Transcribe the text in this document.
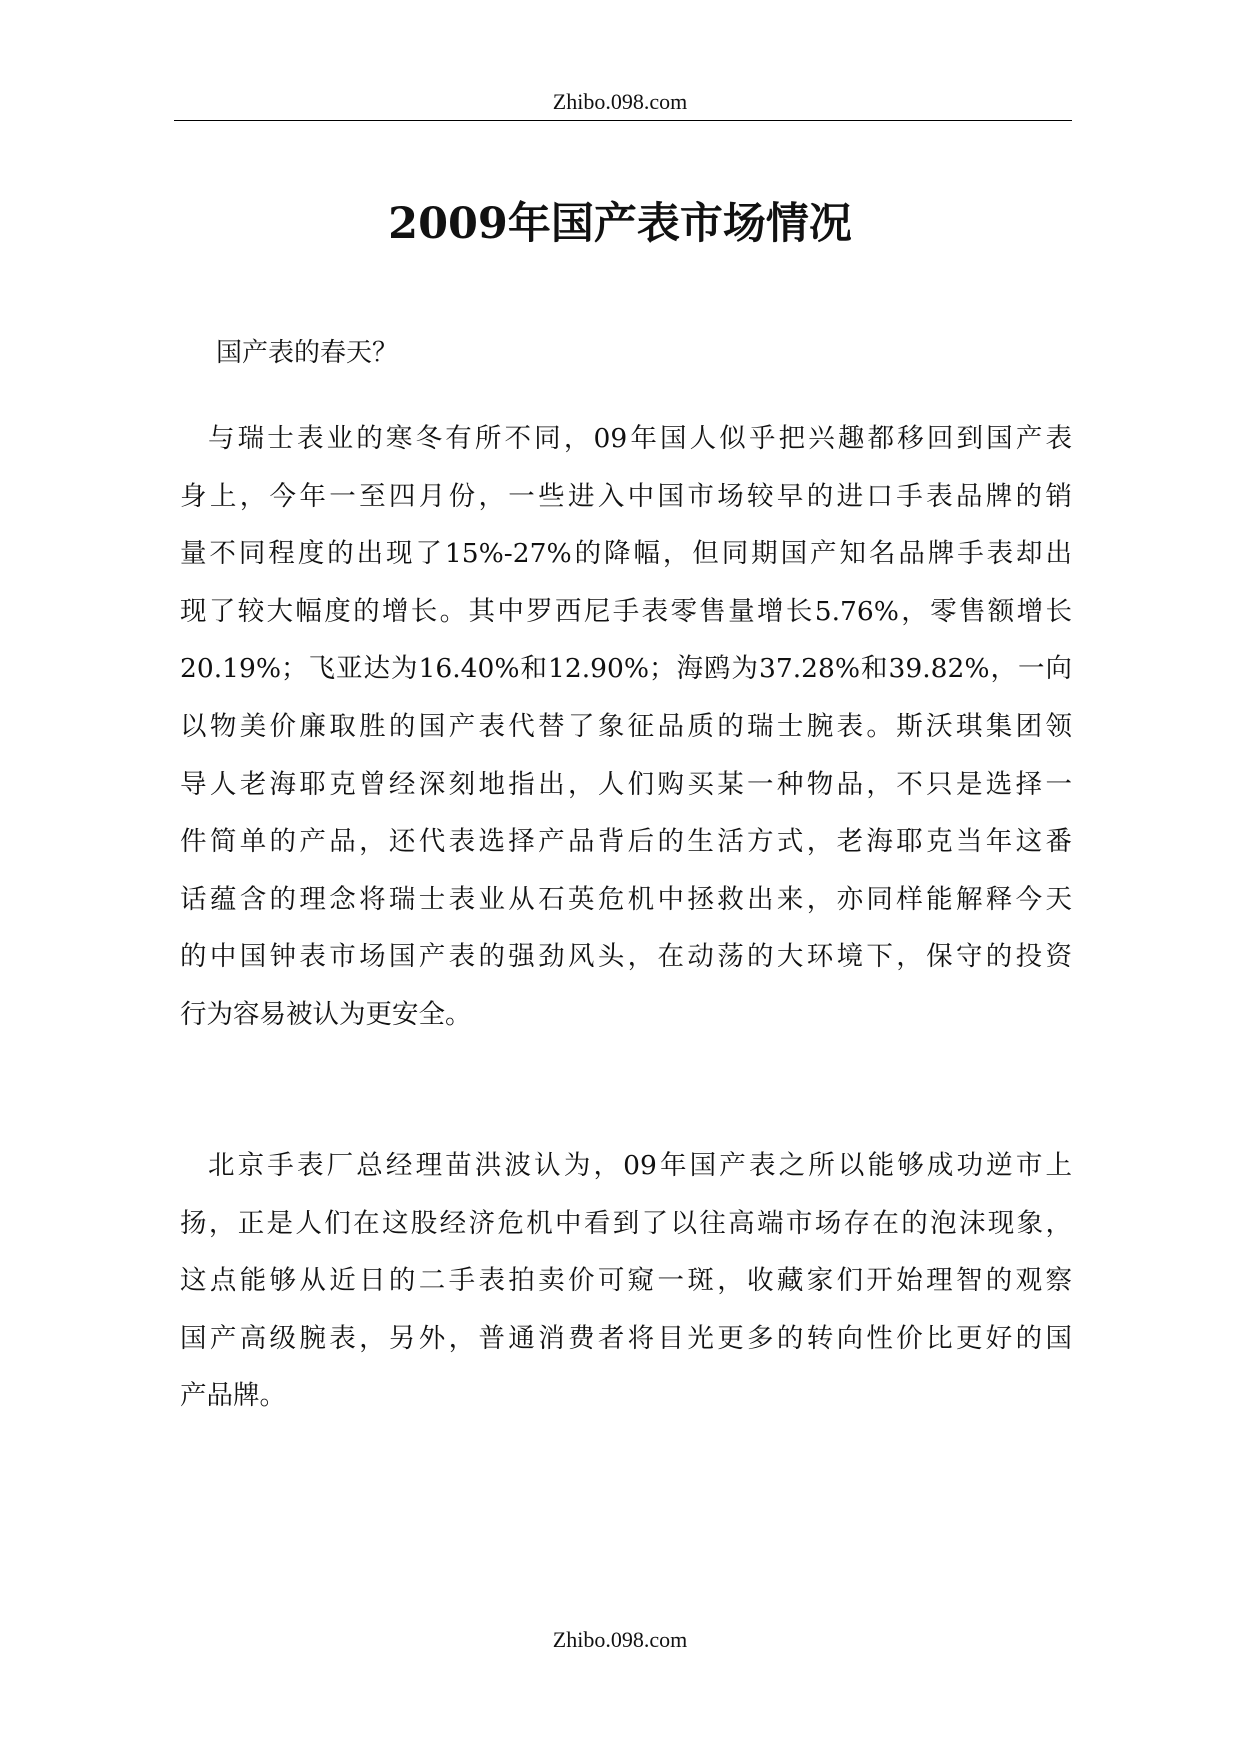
Zhibo.098.com
2009年国产表市场情况
国产表的春天？
与瑞士表业的寒冬有所不同，09年国人似乎把兴趣都移回到国产表
身上，今年一至四月份，一些进入中国市场较早的进口手表品牌的销
量不同程度的出现了15%-27%的降幅，但同期国产知名品牌手表却出
现了较大幅度的增长。其中罗西尼手表零售量增长5.76%，零售额增长
20.19%；飞亚达为16.40%和12.90%；海鸥为37.28%和39.82%，一向
以物美价廉取胜的国产表代替了象征品质的瑞士腕表。斯沃琪集团领
导人老海耶克曾经深刻地指出，人们购买某一种物品，不只是选择一
件简单的产品，还代表选择产品背后的生活方式，老海耶克当年这番
话蕴含的理念将瑞士表业从石英危机中拯救出来，亦同样能解释今天
的中国钟表市场国产表的强劲风头，在动荡的大环境下，保守的投资
行为容易被认为更安全。
北京手表厂总经理苗洪波认为，09年国产表之所以能够成功逆市上
扬，正是人们在这股经济危机中看到了以往高端市场存在的泡沫现象，
这点能够从近日的二手表拍卖价可窥一斑，收藏家们开始理智的观察
国产高级腕表，另外，普通消费者将目光更多的转向性价比更好的国
产品牌。
Zhibo.098.com
